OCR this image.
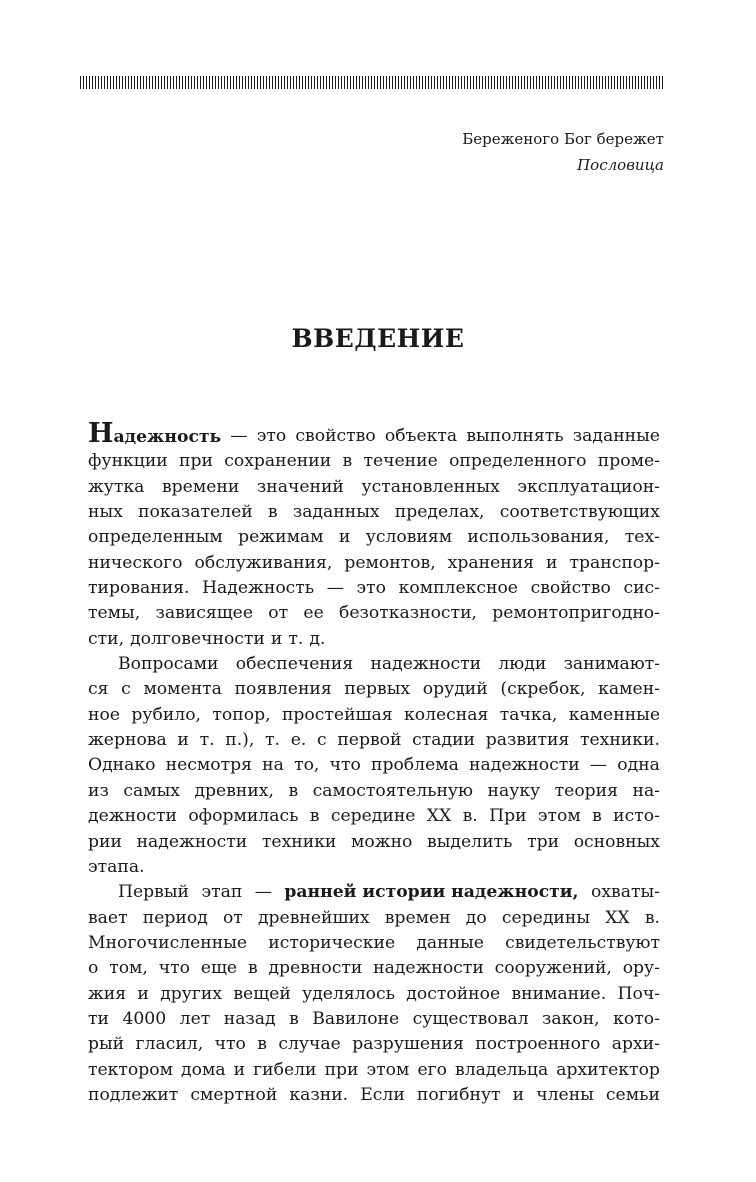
Береженого Бог бережет
Пословица
ВВЕДЕНИЕ
Надежность — это свойство объекта выполнять заданные
функции при сохранении в течение определенного проме-
жутка времени значений установленных эксплуатацион-
ных показателей в заданных пределах, соответствующих
определенным режимам и условиям использования, тех-
нического обслуживания, ремонтов, хранения и транспор-
тирования. Надежность — это комплексное свойство сис-
темы, зависящее от ее безотказности, ремонтопригодно-
сти, долговечности и т. д.
Вопросами обеспечения надежности люди занимают-
ся с момента появления первых орудий (скребок, камен-
ное рубило, топор, простейшая колесная тачка, каменные
жернова и т. п.), т. е. с первой стадии развития техники.
Однако несмотря на то, что проблема надежности — одна
из самых древних, в самостоятельную науку теория на-
дежности оформилась в середине XX в. При этом в исто-
рии надежности техники можно выделить три основных
этапа.
Первый этап — ранней истории надежности, охваты-
вает период от древнейших времен до середины XX в.
Многочисленные исторические данные свидетельствуют
о том, что еще в древности надежности сооружений, ору-
жия и других вещей уделялось достойное внимание. Поч-
ти 4000 лет назад в Вавилоне существовал закон, кото-
рый гласил, что в случае разрушения построенного архи-
тектором дома и гибели при этом его владельца архитектор
подлежит смертной казни. Если погибнут и члены семьи
